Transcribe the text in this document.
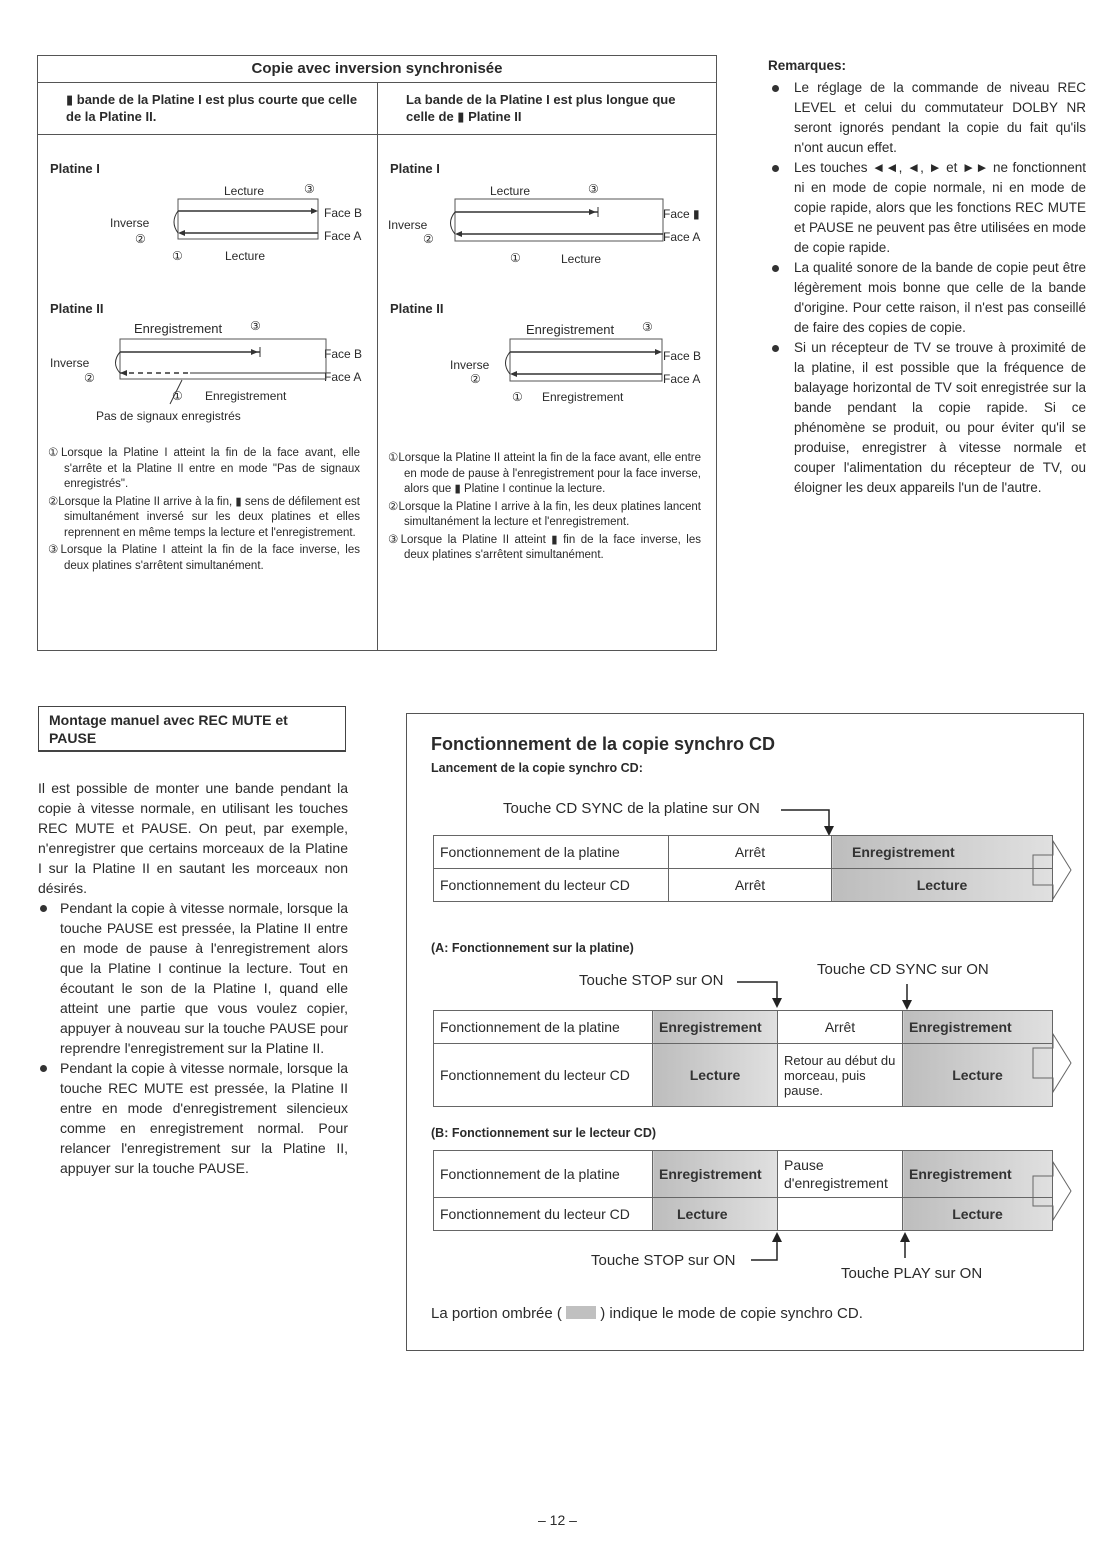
Copie avec inversion synchronisée
▮ bande de la Platine I est plus courte que celle de la Platine II.
La bande de la Platine I est plus longue que celle de ▮ Platine II
Platine I
Lecture	③
Inverse
②
Face B
Face A
①	Lecture
Platine II
Enregistrement ③
Inverse
②
Face B
Face A
① Enregistrement
Pas de signaux enregistrés

①Lorsque la Platine I atteint la fin de la face avant, elle s'arrête et la Platine II entre en mode "Pas de signaux enregistrés".

②Lorsque la Platine II arrive à la fin, ▮ sens de défilement est simultanément inversé sur les deux platines et elles reprennent en même temps la lecture et l'enregistrement.

③Lorsque la Platine I atteint la fin de la face inverse, les deux platines s'arrêtent simultanément.

Platine I
Lecture	③
Inverse
②
Face ▮
Face A
①	Lecture
Platine II
Enregistrement ③
Inverse
②
Face B
Face A
① Enregistrement

①Lorsque la Platine II atteint la fin de la face avant, elle entre en mode de pause à l'enregistrement pour la face inverse, alors que ▮ Platine I continue la lecture.

②Lorsque la Platine I arrive à la fin, les deux platines lancent simultanément la lecture et l'enregistrement.

③Lorsque la Platine II atteint ▮ fin de la face inverse, les deux platines s'arrêtent simultanément.

Remarques:
Le réglage de la commande de niveau REC LEVEL et celui du commutateur DOLBY NR seront ignorés pendant la copie du fait qu'ils n'ont aucun effet.
Les touches ◄◄, ◄, ► et ►► ne fonctionnent ni en mode de copie normale, ni en mode de copie rapide, alors que les fonctions REC MUTE et PAUSE ne peuvent pas être utilisées en mode de copie rapide.
La qualité sonore de la bande de copie peut être légèrement mois bonne que celle de la bande d'origine. Pour cette raison, il n'est pas conseillé de faire des copies de copie.
Si un récepteur de TV se trouve à proximité de la platine, il est possible que la fréquence de balayage horizontal de TV soit enregistrée sur la bande pendant la copie rapide. Si ce phénomène se produit, ou pour éviter qu'il se produise, enregistrer à vitesse normale et couper l'alimentation du récepteur de TV, ou éloigner les deux appareils l'un de l'autre.
Montage manuel avec REC MUTE et PAUSE

Il est possible de monter une bande pendant la copie à vitesse normale, en utilisant les touches REC MUTE et PAUSE. On peut, par exemple, n'enregistrer que certains morceaux de la Platine I sur la Platine II en sautant les morceaux non désirés.

Pendant la copie à vitesse normale, lorsque la touche PAUSE est pressée, la Platine II entre en mode de pause à l'enregistrement alors que la Platine I continue la lecture. Tout en écoutant le son de la Platine I, quand elle atteint une partie que vous voulez copier, appuyer à nouveau sur la touche PAUSE pour reprendre l'enregistrement sur la Platine II.
Pendant la copie à vitesse normale, lorsque la touche REC MUTE est pressée, la Platine II entre en mode d'enregistrement silencieux comme en enregistrement normal. Pour relancer l'enregistrement sur la Platine II, appuyer sur la touche PAUSE.
Fonctionnement de la copie synchro CD
Lancement de la copie synchro CD:
Touche CD SYNC de la platine sur ON
Fonctionnement de la platine	Arrêt	Enregistrement
Fonctionnement du lecteur CD	Arrêt	Lecture
(A: Fonctionnement sur la platine)
Touche STOP sur ON
Touche CD SYNC sur ON
Fonctionnement de la platine	Enregistrement	Arrêt	Enregistrement
Fonctionnement du lecteur CD	Lecture	Retour au début du morceau, puis pause.	Lecture
(B: Fonctionnement sur le lecteur CD)
Fonctionnement de la platine	Enregistrement	Pause d'enregistrement	Enregistrement
Fonctionnement du lecteur CD	Lecture		Lecture
Touche STOP sur ON
Touche PLAY sur ON
La portion ombrée (	) indique le mode de copie synchro CD.
– 12 –
